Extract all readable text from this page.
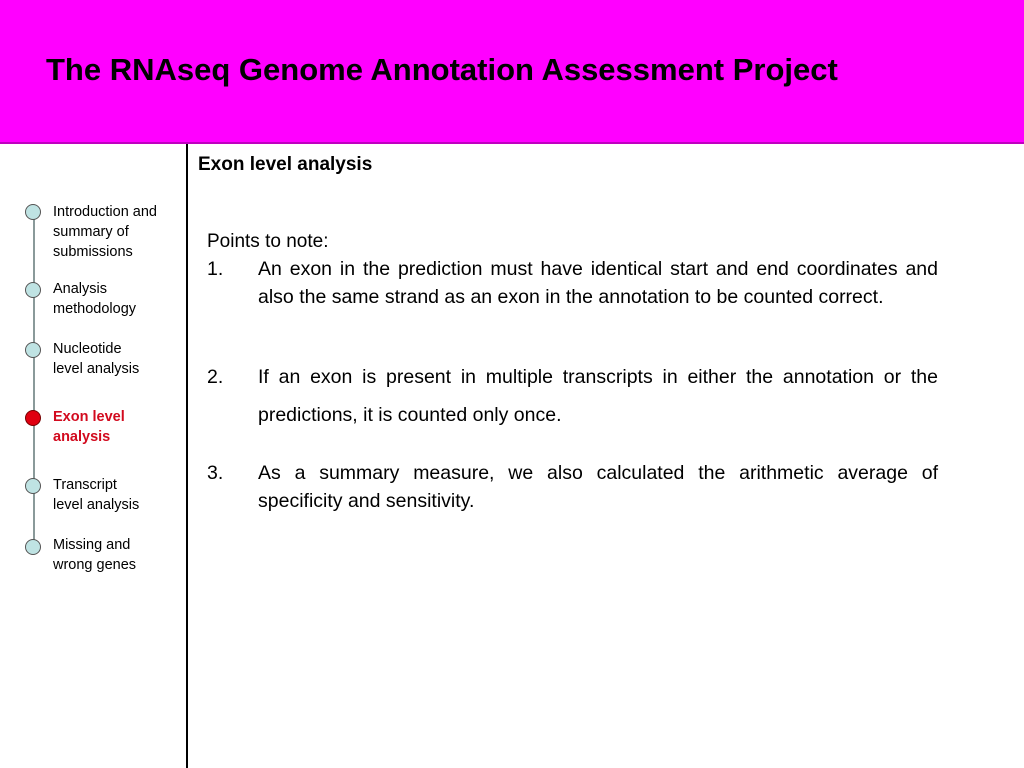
The RNAseq Genome Annotation Assessment Project
Introduction and
summary of
submissions
Analysis
methodology
Nucleotide
level analysis
Exon level
analysis
Transcript
level analysis
Missing and
wrong genes
Exon level analysis
Points to note:
1. An exon in the prediction must have identical start and end coordinates and also the same strand as an exon in the annotation to be counted correct.
2. If an exon is present in multiple transcripts in either the annotation or the predictions, it is counted only once.
3. As a summary measure, we also calculated the arithmetic average of specificity and sensitivity.
